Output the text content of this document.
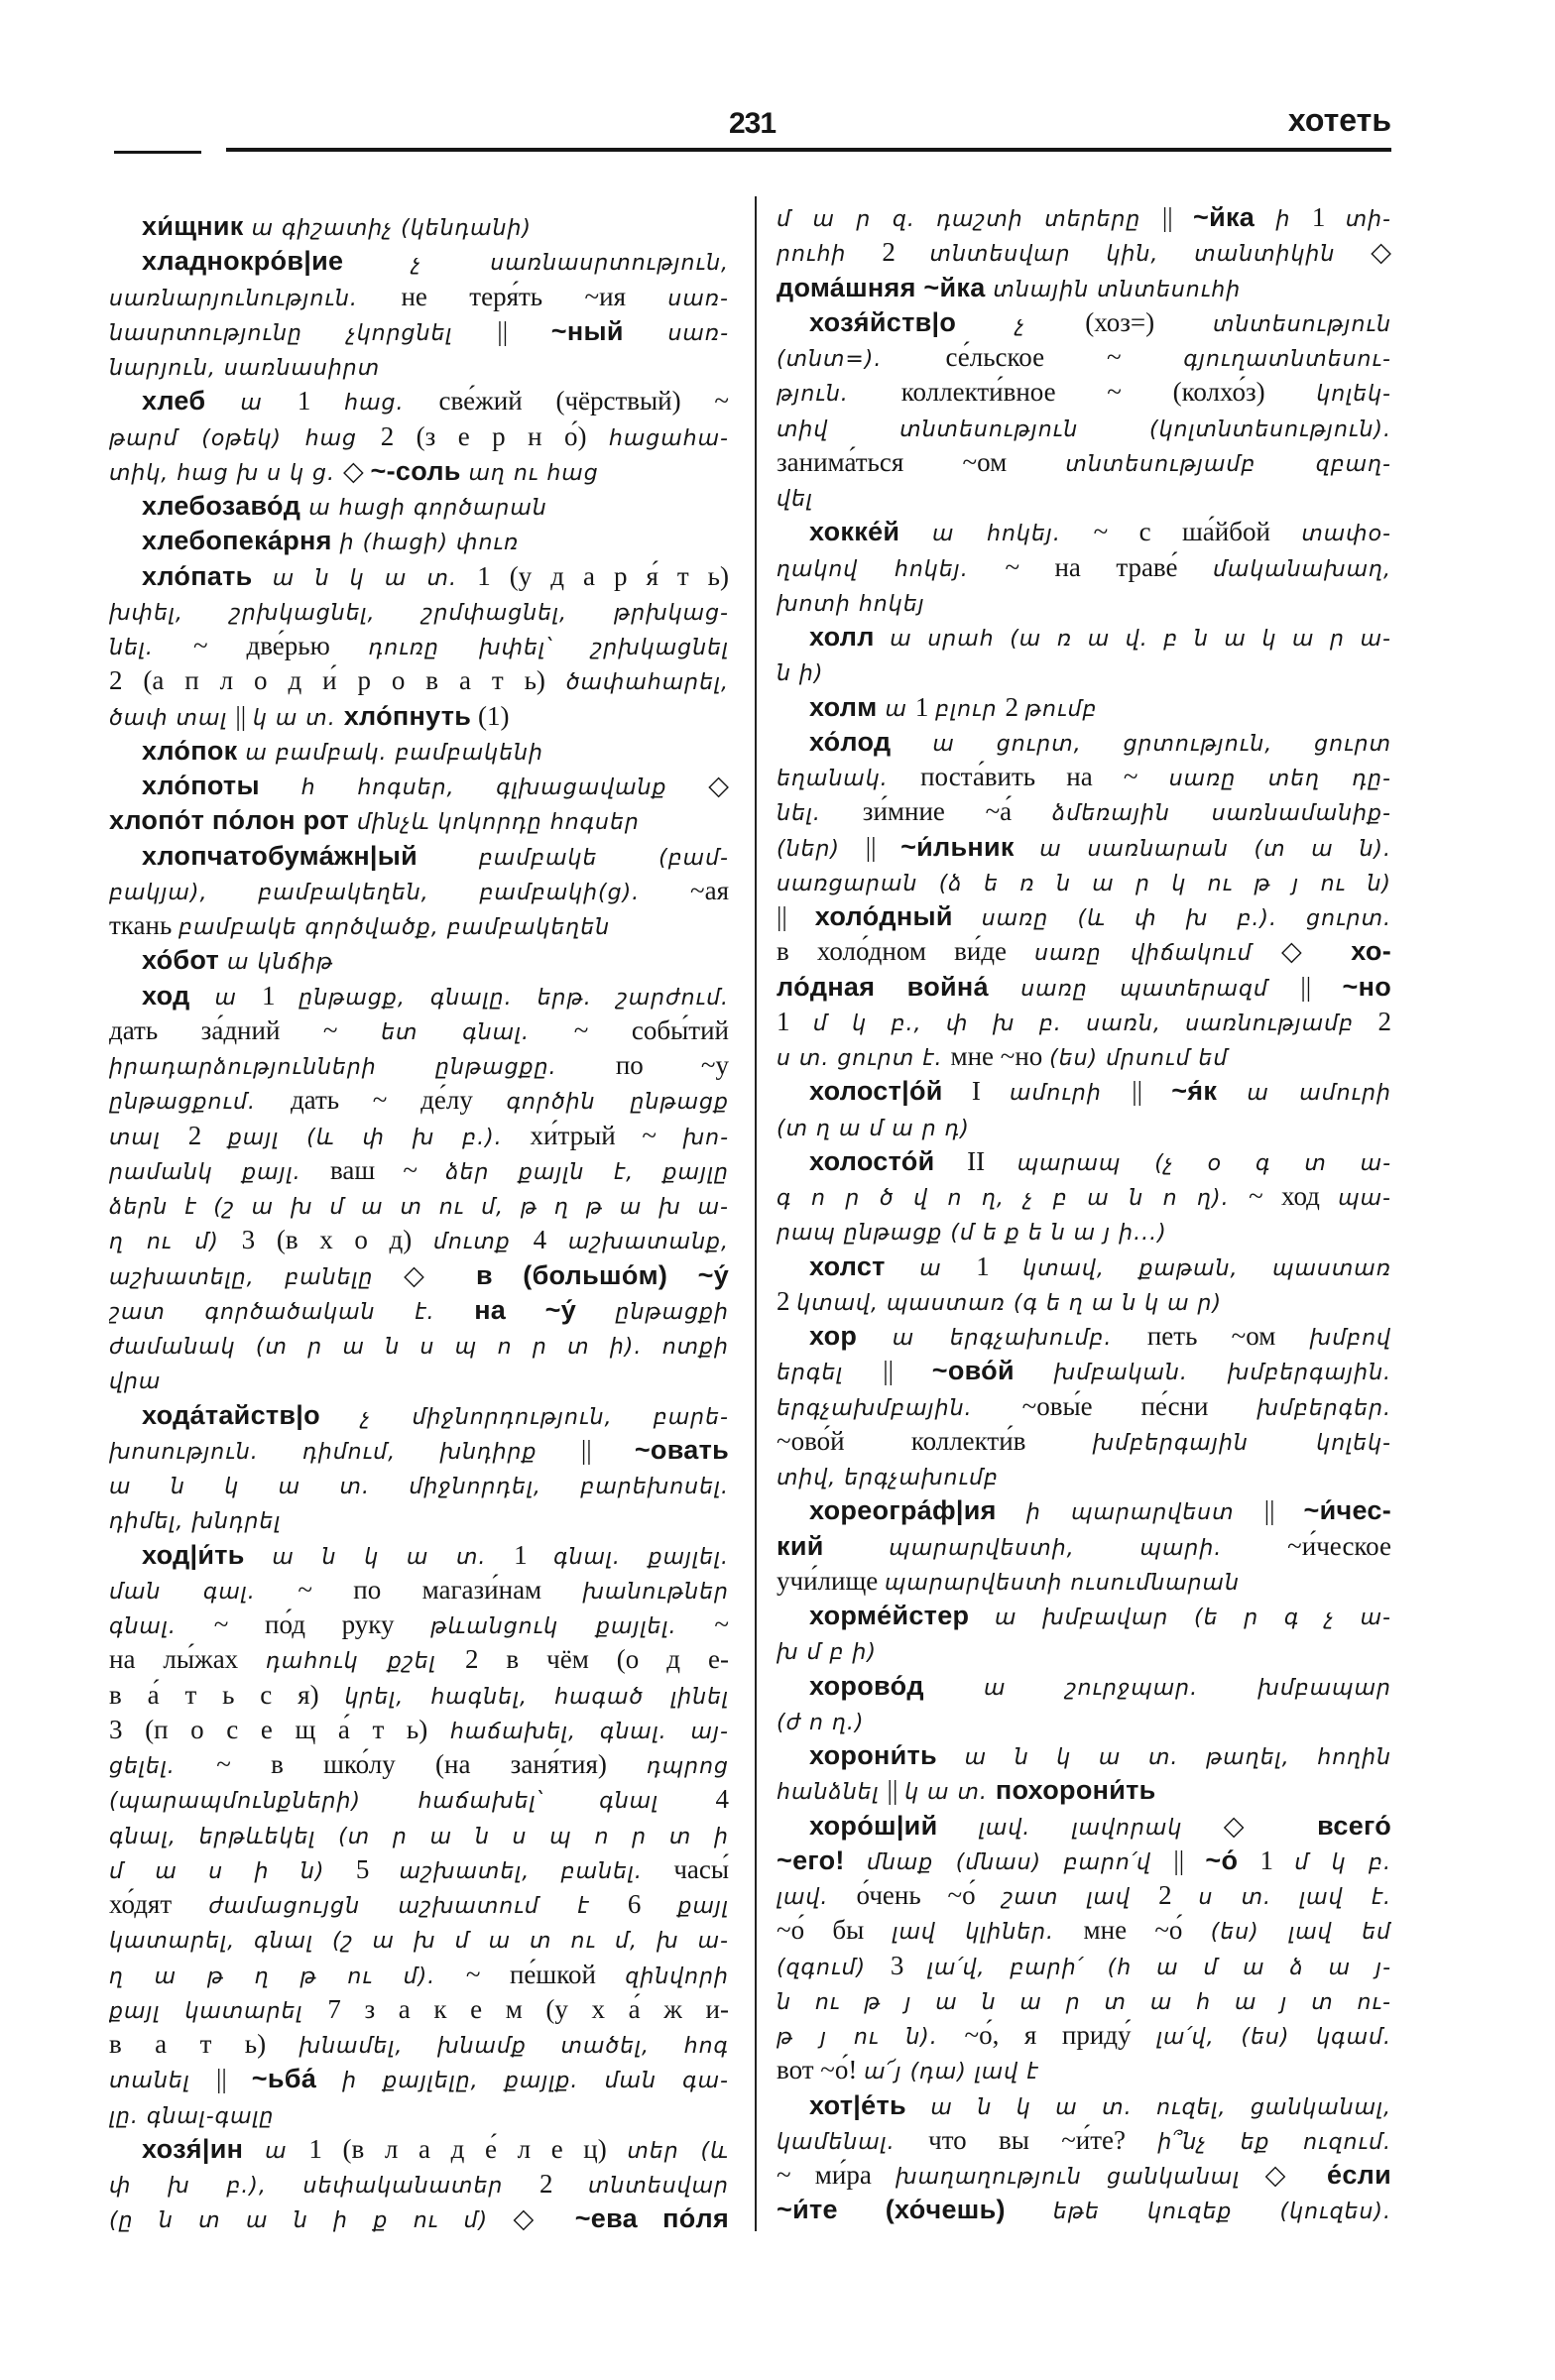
231	хотеть
хи́щник ա գիշատիչ (կենդանի)
хладнокро́в|ие չ սառնասրտություն,
սառնարյունություն. не теря́ть ~ия սառ-
նասրտությունը չկորցնել || ~ный սառ-
նարյուն, սառնասիրտ
хлеб ա 1 հաց. све́жий (чёрствый) ~
թարմ (օթեկ) հաց 2 (з е р н о́) հացահա-
տիկ, հաց խ ս կ ց. ◇ ~-соль աղ ու հաց
хлебозаво́д ա հացի գործարան
хлебопека́рня ի (հացի) փուռ
хло́пать ա ն կ ա տ. 1 (у д а р я́ т ь)
խփել, շրխկացնել, շրմփացնել, թրխկաց-
նել. ~ две́рью դուռը խփել՝ շրխկացնել
2 (а п л о д и́ р о в а т ь) ծափահարել,
ծափ տալ || կ ա տ. хло́пнуть (1)
хло́пок ա բամբակ. բամբակենի
хло́поты հ հոգսեր, գլխացավանք ◇
хлопо́т по́лон рот մինչև կոկորդը հոգսեր
хлопчатобума́жн|ый բամբակե (բամ-
բակյա), բամբակեղեն, բամբակի(ց). ~ая
ткань բամբակե գործվածք, բամբակեղեն
хо́бот ա կնճիթ
ход ա 1 ընթացք, գնալը. երթ. շարժում.
дать за́дний ~ ետ գնալ. ~ собы́тий
իրադարձությունների ընթացքը. по ~у
ընթացքում. дать ~ де́лу գործին ընթացք
տալ 2 քայլ (և փ խ բ.). хи́трый ~ խո-
րամանկ քայլ. ваш ~ ձեր քայլն է, քայլը
ձերն է (շ ա խ մ ա տ ու մ, թ ղ թ ա խ ա-
ղ ու մ) 3 (в х о д) մուտք 4 աշխատանք,
աշխատելը, բանելը ◇ в (большо́м) ~у́
շատ գործածական է. на ~у́ ընթացքի
ժամանակ (տ ր ա ն ս պ ո ր տ ի). ոտքի
վրա
хода́тайств|о չ միջնորդություն, բարե-
խոսություն. դիմում, խնդիրք || ~овать
ա ն կ ա տ. միջնորդել, բարեխոսել.
դիմել, խնդրել
ход|и́ть ա ն կ ա տ. 1 գնալ. քայլել.
ման գալ. ~ по магази́нам խանութներ
գնալ. ~ по́д руку թևանցուկ քայլել. ~
на лы́жах դահուկ քշել 2 в чём (о д е-
в а́ т ь с я) կրել, հագնել, հագած լինել
3 (п о с е щ а́ т ь) հաճախել, գնալ. այ-
ցելել. ~ в шко́лу (на заня́тия) դպրոց
(պարապմունքների) հաճախել՝ գնալ 4
գնալ, երթևեկել (տ ր ա ն ս պ ո ր տ ի
մ ա ս ի ն) 5 աշխատել, բանել. часы́
хо́дят ժամացույցն աշխատում է 6 քայլ
կատարել, գնալ (շ ա խ մ ա տ ու մ, խ ա-
ղ ա թ ղ թ ու մ). ~ пе́шкой զինվորի
քայլ կատարել 7 з а к е м (у х а́ ж и-
в а т ь) խնամել, խնամք տածել, հոգ
տանել || ~ьба́ ի քայլելը, քայլք. ման գա-
լը. գնալ-գալը
хозя́|ин ա 1 (в л а д е́ л е ц) տեր (և
փ խ բ.), սեփականատեր 2 տնտեսվար
(ը ն տ ա ն ի ք ու մ) ◇ ~ева по́ля
մ ա ր զ. դաշտի տերերը || ~йка ի 1 տի-
րուհի 2 տնտեսվար կին, տանտիկին ◇
дома́шняя ~йка տնային տնտեսուհի
хозя́йств|о չ (хоз=) տնտեսություն
(տնտ=). се́льское ~ գյուղատնտեսու-
թյուն. коллекти́вное ~ (колхо́з) կոլեկ-
տիվ տնտեսություն (կոլտնտեսություն).
занима́ться ~ом տնտեսությամբ զբաղ-
վել
хокке́й ա հոկեյ. ~ с ша́йбой տափօ-
ղակով հոկեյ. ~ на траве́ մականախաղ,
խոտի հոկեյ
холл ա սրահ (ա ռ ա վ. բ ն ա կ ա ր ա-
ն ի)
холм ա 1 բլուր 2 թումբ
хо́лод ա ցուրտ, ցրտություն, ցուրտ
եղանակ. поста́вить на ~ սառը տեղ դը-
նել. зи́мние ~а́ ձմեռային սառնամանիք-
(ներ) || ~и́льник ա սառնարան (տ ա ն).
սառցարան (ձ ե ռ ն ա ր կ ու թ յ ու ն)
|| холо́дный սառը (և փ խ բ.). ցուրտ.
в холо́дном ви́де սառը վիճակում ◇ хо-
ло́дная война́ սառը պատերազմ || ~но
1 մ կ բ., փ խ բ. սառն, սառնությամբ 2
ս տ. ցուրտ է. мне ~но (ես) մրսում եմ
холост|о́й I ամուրի || ~я́к ա ամուրի
(տ ղ ա մ ա ր դ)
холосто́й II պարապ (չ օ գ տ ա-
գ ո ր ծ վ ո ղ, չ բ ա ն ո ղ). ~ ход պա-
րապ ընթացք (մ ե ք ե ն ա յ ի...)
холст ա 1 կտավ, քաթան, պաստառ
2 կտավ, պաստառ (գ ե ղ ա ն կ ա ր)
хор ա երգչախումբ. петь ~ом խմբով
երգել || ~ово́й խմբական. խմբերգային.
երգչախմբային. ~овы́е пе́сни խմբերգեր.
~ово́й коллекти́в խմբերգային կոլեկ-
տիվ, երգչախումբ
хореогра́ф|ия ի պարարվեստ || ~и́чес-
кий պարարվեստի, պարի. ~и́ческое
учи́лище պարարվեստի ուսումնարան
хорме́йстер ա խմբավար (ե ր գ չ ա-
խ մ բ ի)
хорово́д ա շուրջպար. խմբապար
(ժ ո ղ.)
хорони́ть ա ն կ ա տ. թաղել, հողին
հանձնել || կ ա տ. похорони́ть
хоро́ш|ий լավ. լավորակ ◇ всего́
~его! մնաք (մնաս) բարո՛վ || ~о́ 1 մ կ բ.
լավ. о́чень ~о́ շատ լավ 2 ս տ. լավ է.
~о́ бы լավ կլիներ. мне ~о́ (ես) լավ եմ
(զգում) 3 լա՛վ, բարի՛ (հ ա մ ա ձ ա յ-
ն ու թ յ ա ն ա ր տ ա հ ա յ տ ու-
թ յ ու ն). ~о́, я приду́ լա՛վ, (ես) կգամ.
вот ~о́! ա՜յ (դա) լավ է
хот|е́ть ա ն կ ա տ. ուզել, ցանկանալ,
կամենալ. что вы ~и́те? ի՞նչ եք ուզում.
~ ми́ра խաղաղություն ցանկանալ ◇ е́сли
~и́те (хо́чешь) եթե կուզեք (կուզես).
